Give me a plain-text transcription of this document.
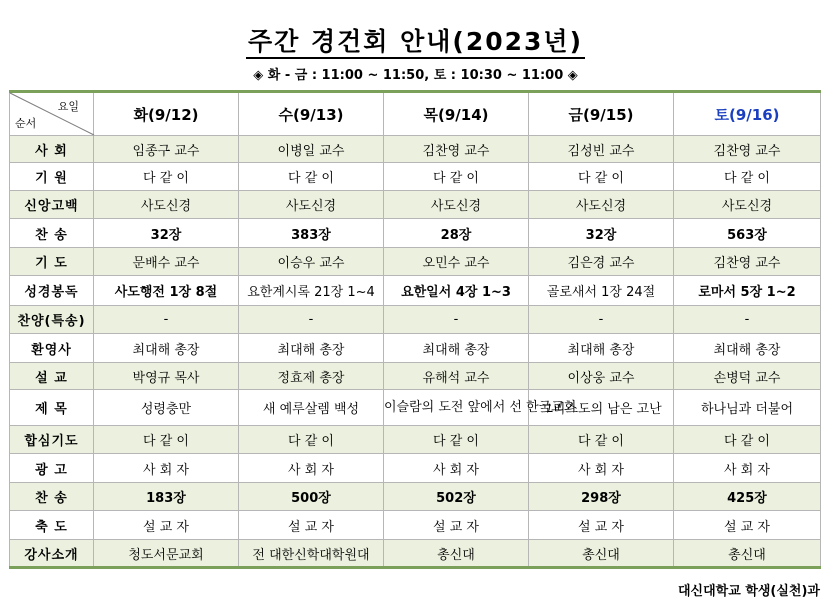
주간 경건회 안내(2023년)
◈ 화 - 금 : 11:00 ~ 11:50, 토 : 10:30 ~ 11:00 ◈
요일
순서	화(9/12)	수(9/13)	목(9/14)	금(9/15)	토(9/16)
사 회	임종구 교수	이병일 교수	김찬영 교수	김성빈 교수	김찬영 교수
기 원	다 같 이	다 같 이	다 같 이	다 같 이	다 같 이
신앙고백	사도신경	사도신경	사도신경	사도신경	사도신경
찬 송	32장	383장	28장	32장	563장
기 도	문배수 교수	이승우 교수	오민수 교수	김은경 교수	김찬영 교수
성경봉독	사도행전 1장 8절	요한계시록 21장 1~4	요한일서 4장 1~3	골로새서 1장 24절	로마서 5장 1~2
찬양(특송)	-	-	-	-	-
환영사	최대해 총장	최대해 총장	최대해 총장	최대해 총장	최대해 총장
설 교	박영규 목사	정효제 총장	유해석 교수	이상웅 교수	손병덕 교수
제 목	성령충만	새 예루살렘 백성	이슬람의 도전 앞에서 선 한국교회	그리스도의 남은 고난	하나님과 더불어
합심기도	다 같 이	다 같 이	다 같 이	다 같 이	다 같 이
광 고	사 회 자	사 회 자	사 회 자	사 회 자	사 회 자
찬 송	183장	500장	502장	298장	425장
축 도	설 교 자	설 교 자	설 교 자	설 교 자	설 교 자
강사소개	청도서문교회	전 대한신학대학원대	총신대	총신대	총신대
대신대학교 학생(실천)과
